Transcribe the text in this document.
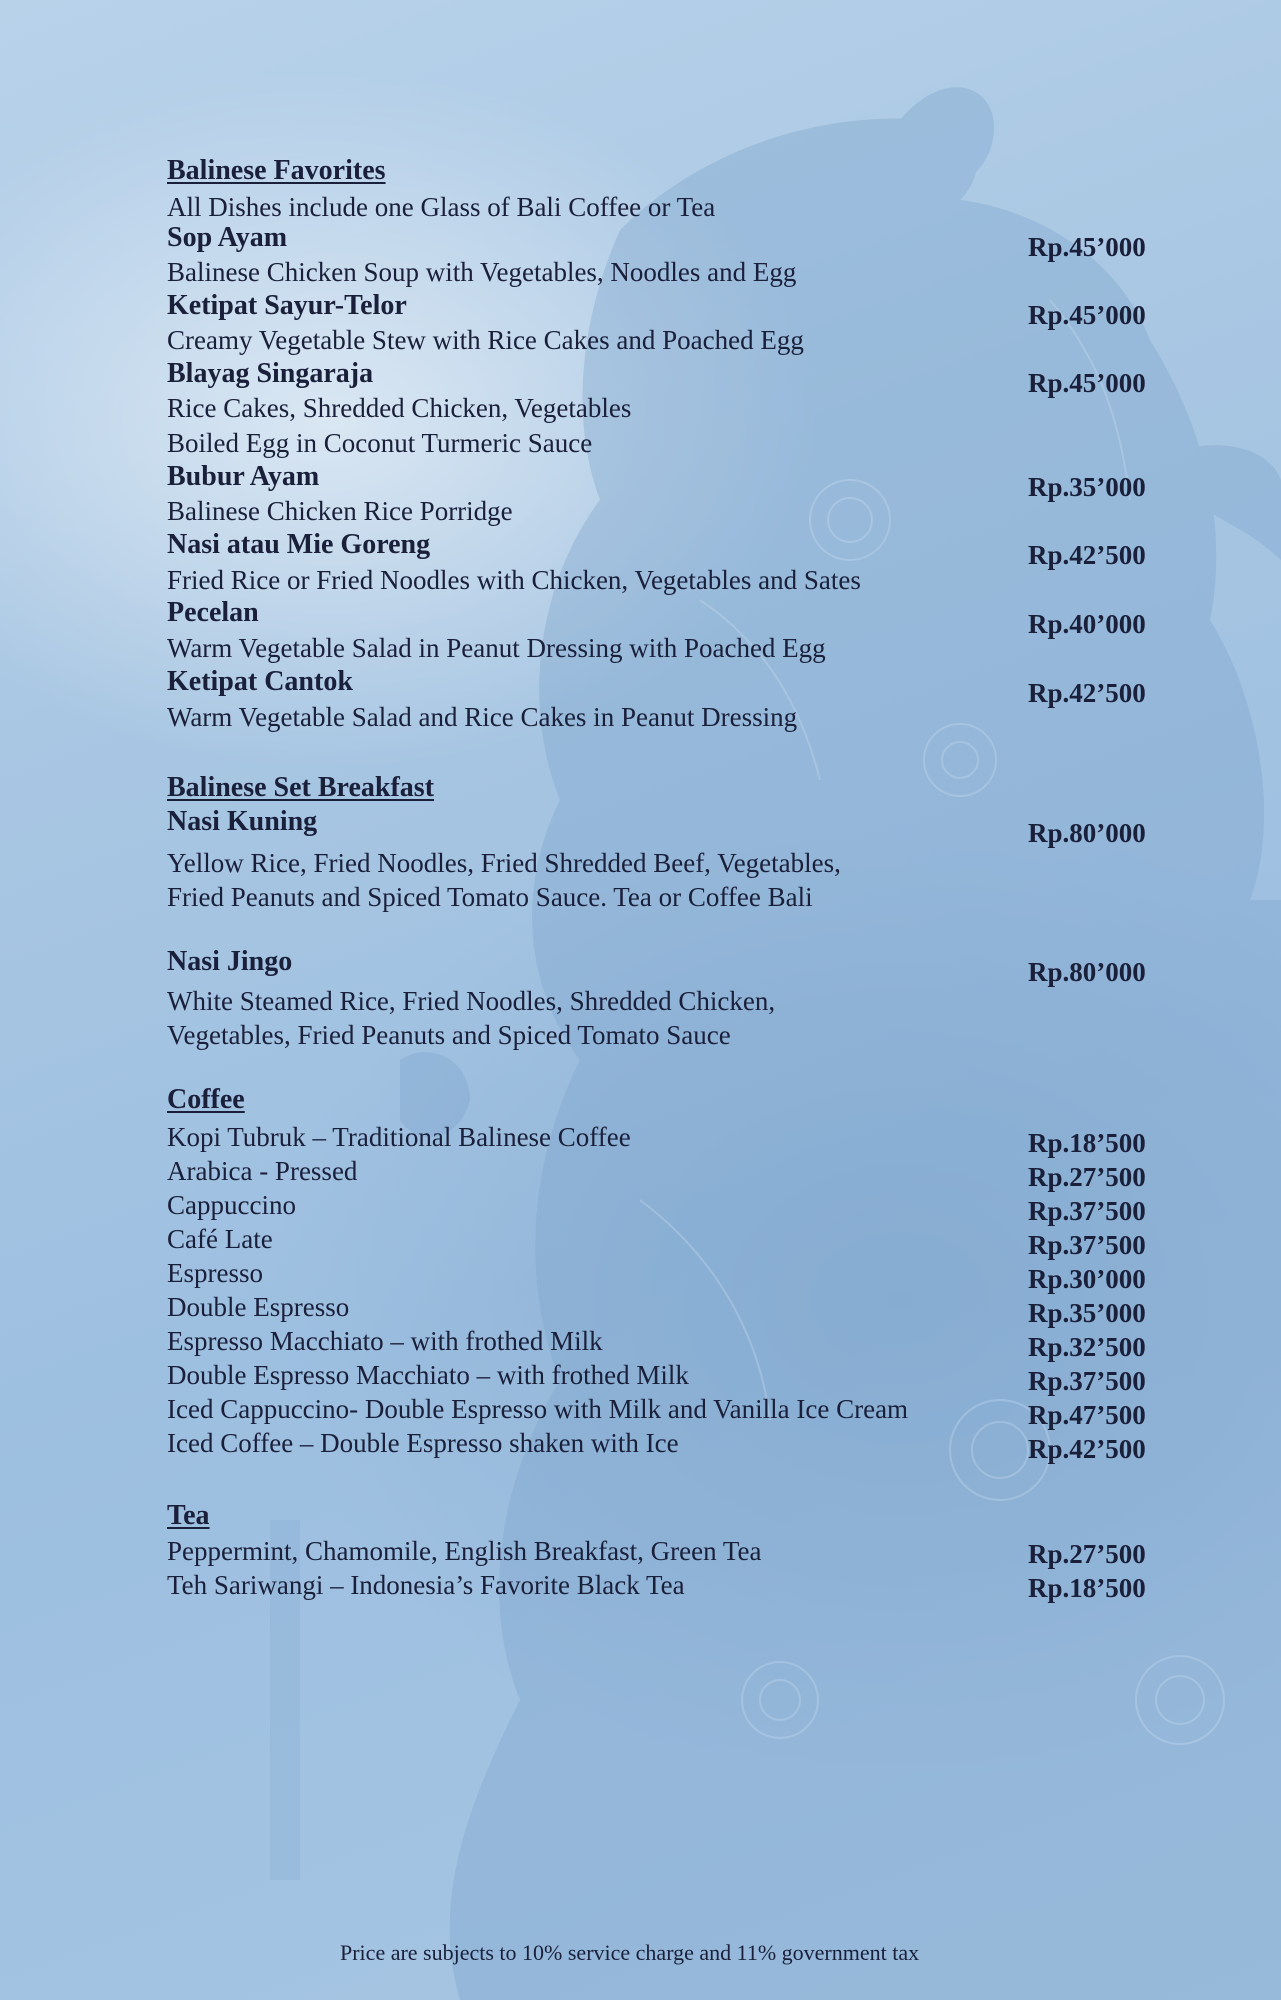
Balinese Favorites
All Dishes include one Glass of Bali Coffee or Tea
Sop Ayam	Rp.45’000
Balinese Chicken Soup with Vegetables, Noodles and Egg
Ketipat Sayur-Telor	Rp.45’000
Creamy Vegetable Stew with Rice Cakes and Poached Egg
Blayag Singaraja	Rp.45’000
Rice Cakes, Shredded Chicken, Vegetables
Boiled Egg in Coconut Turmeric Sauce
Bubur Ayam	Rp.35’000
Balinese Chicken Rice Porridge
Nasi atau Mie Goreng	Rp.42’500
Fried Rice or Fried Noodles with Chicken, Vegetables and Sates
Pecelan	Rp.40’000
Warm Vegetable Salad in Peanut Dressing with Poached Egg
Ketipat Cantok	Rp.42’500
Warm Vegetable Salad and Rice Cakes in Peanut Dressing
Balinese Set Breakfast
Nasi Kuning	Rp.80’000
Yellow Rice, Fried Noodles, Fried Shredded Beef, Vegetables,
Fried Peanuts and Spiced Tomato Sauce. Tea or Coffee Bali
Nasi Jingo	Rp.80’000
White Steamed Rice, Fried Noodles, Shredded Chicken,
Vegetables, Fried Peanuts and Spiced Tomato Sauce
Coffee
Kopi Tubruk – Traditional Balinese Coffee	Rp.18’500
Arabica - Pressed	Rp.27’500
Cappuccino	Rp.37’500
Café Late	Rp.37’500
Espresso	Rp.30’000
Double Espresso	Rp.35’000
Espresso Macchiato – with frothed Milk	Rp.32’500
Double Espresso Macchiato – with frothed Milk	Rp.37’500
Iced Cappuccino- Double Espresso with Milk and Vanilla Ice Cream	Rp.47’500
Iced Coffee – Double Espresso shaken with Ice	Rp.42’500
Tea
Peppermint, Chamomile, English Breakfast, Green Tea	Rp.27’500
Teh Sariwangi – Indonesia’s Favorite Black Tea	Rp.18’500
Price are subjects to 10% service charge and 11% government tax
